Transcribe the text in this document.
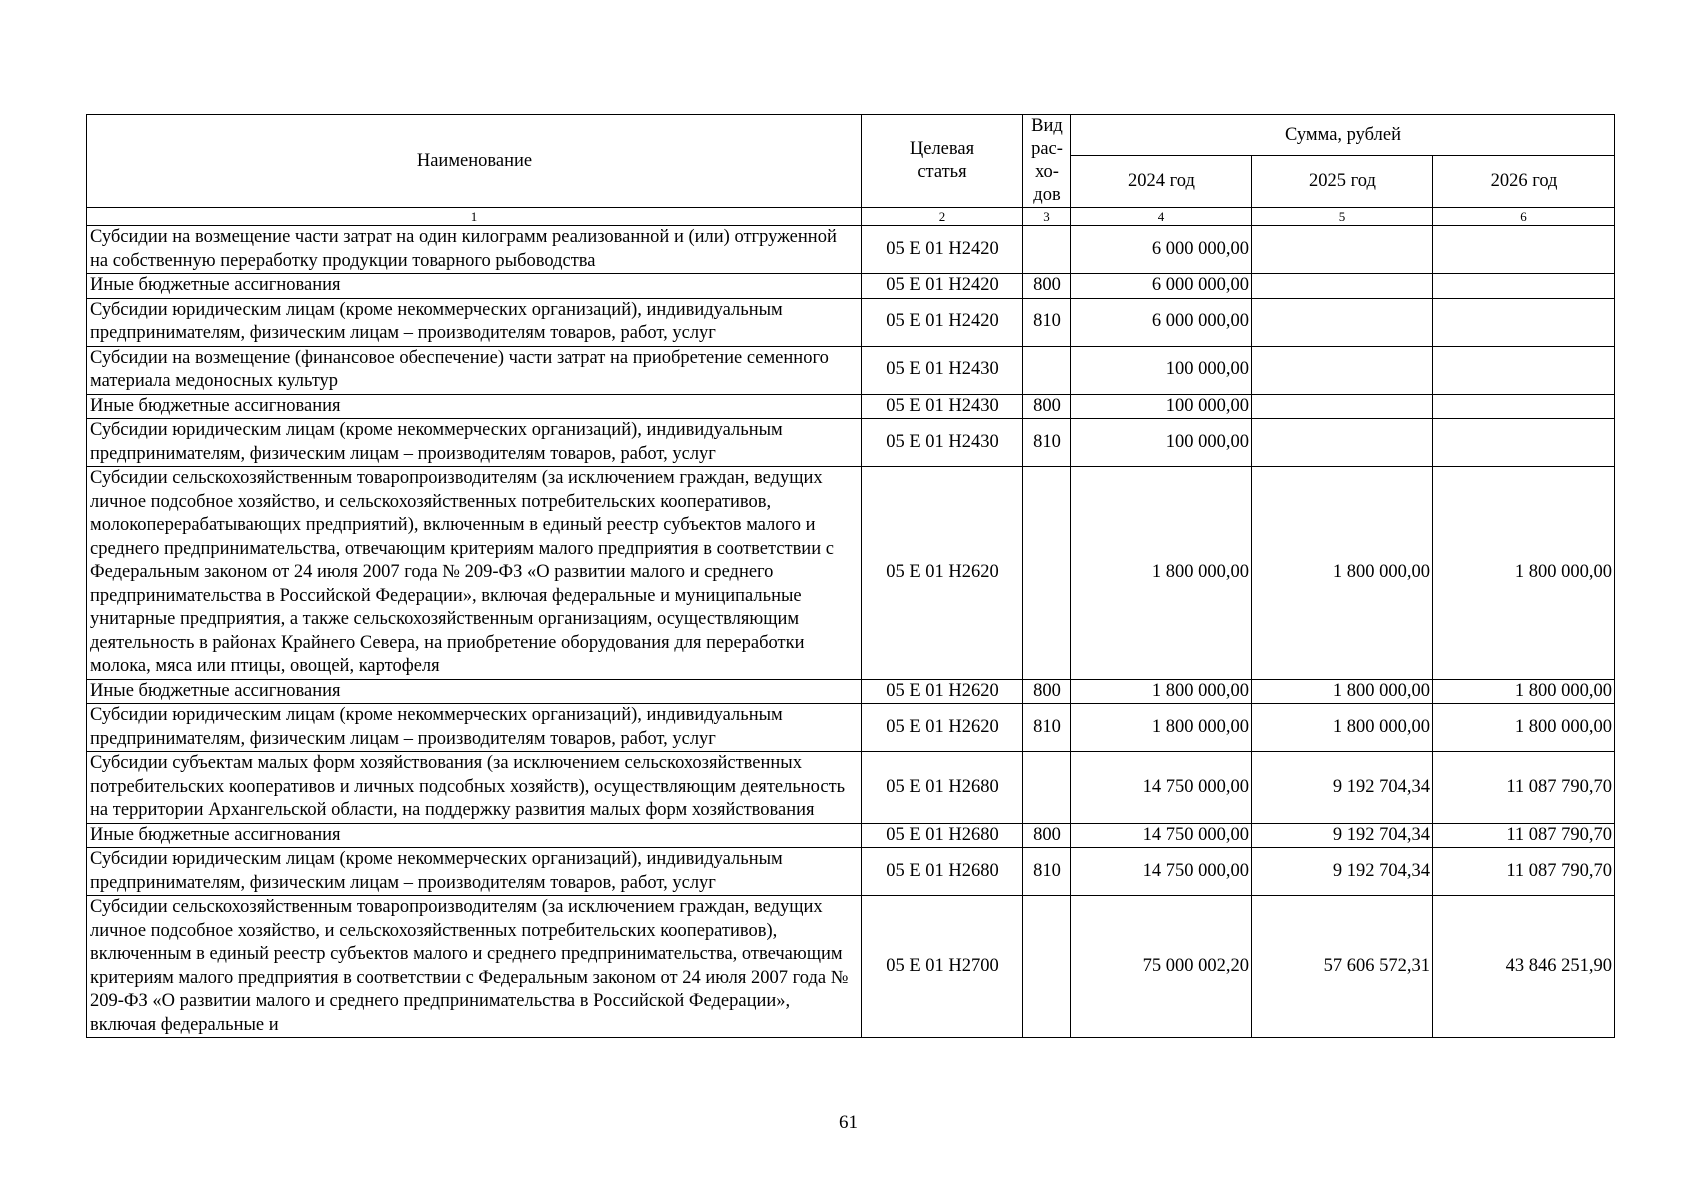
Наименование	Целевая статья	Вид
рас-
хо-
дов	Сумма, рублей		
			2024 год	2025 год	2026 год
1	2	3	4	5	6
Субсидии на возмещение части затрат на один килограмм реализованной и (или) отгруженной на собственную переработку продукции товарного рыбоводства	05 Е 01 Н2420		6 000 000,00		
Иные бюджетные ассигнования	05 Е 01 Н2420	800	6 000 000,00		
Субсидии юридическим лицам (кроме некоммерческих организаций), индивидуальным предпринимателям, физическим лицам – производителям товаров, работ, услуг	05 Е 01 Н2420	810	6 000 000,00		
Субсидии на возмещение (финансовое обеспечение) части затрат на приобретение семенного материала медоносных культур	05 Е 01 Н2430		100 000,00		
Иные бюджетные ассигнования	05 Е 01 Н2430	800	100 000,00		
Субсидии юридическим лицам (кроме некоммерческих организаций), индивидуальным предпринимателям, физическим лицам – производителям товаров, работ, услуг	05 Е 01 Н2430	810	100 000,00		
Субсидии сельскохозяйственным товаропроизводителям (за исключением граждан, ведущих личное подсобное хозяйство, и сельскохозяйственных потребительских кооперативов, молокоперерабатывающих предприятий), включенным в единый реестр субъектов малого и среднего предпринимательства, отвечающим критериям малого предприятия в соответствии с Федеральным законом от 24 июля 2007 года № 209-ФЗ «О развитии малого и среднего предпринимательства в Российской Федерации», включая федеральные и муниципальные унитарные предприятия, а также сельскохозяйственным организациям, осуществляющим деятельность в районах Крайнего Севера, на приобретение оборудования для переработки молока, мяса или птицы, овощей, картофеля	05 Е 01 Н2620		1 800 000,00	1 800 000,00	1 800 000,00
Иные бюджетные ассигнования	05 Е 01 Н2620	800	1 800 000,00	1 800 000,00	1 800 000,00
Субсидии юридическим лицам (кроме некоммерческих организаций), индивидуальным предпринимателям, физическим лицам – производителям товаров, работ, услуг	05 Е 01 Н2620	810	1 800 000,00	1 800 000,00	1 800 000,00
Субсидии субъектам малых форм хозяйствования (за исключением сельскохозяйственных потребительских кооперативов и личных подсобных хозяйств), осуществляющим деятельность на территории Архангельской области, на поддержку развития малых форм хозяйствования	05 Е 01 Н2680		14 750 000,00	9 192 704,34	11 087 790,70
Иные бюджетные ассигнования	05 Е 01 Н2680	800	14 750 000,00	9 192 704,34	11 087 790,70
Субсидии юридическим лицам (кроме некоммерческих организаций), индивидуальным предпринимателям, физическим лицам – производителям товаров, работ, услуг	05 Е 01 Н2680	810	14 750 000,00	9 192 704,34	11 087 790,70
Субсидии сельскохозяйственным товаропроизводителям (за исключением граждан, ведущих личное подсобное хозяйство, и сельскохозяйственных потребительских кооперативов), включенным в единый реестр субъектов малого и среднего предпринимательства, отвечающим критериям малого предприятия в соответствии с Федеральным законом от 24 июля 2007 года № 209-ФЗ «О развитии малого и среднего предпринимательства в Российской Федерации», включая федеральные и	05 Е 01 Н2700		75 000 002,20	57 606 572,31	43 846 251,90
61
